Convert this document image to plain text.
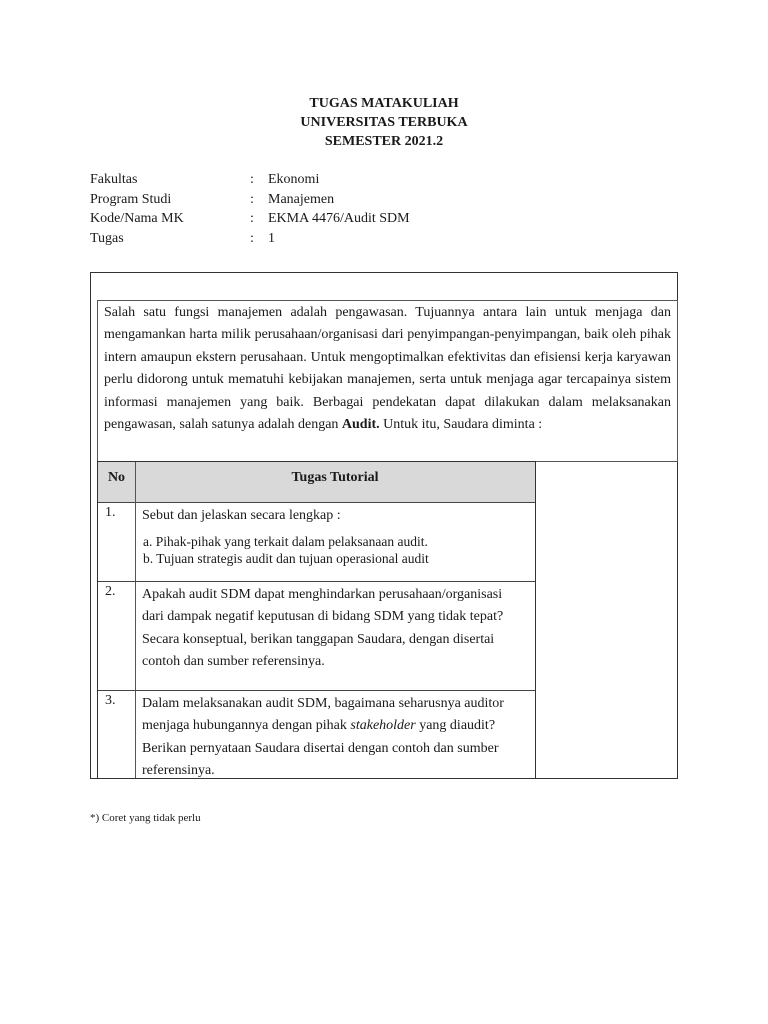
TUGAS MATAKULIAH
UNIVERSITAS TERBUKA
SEMESTER 2021.2
Fakultas	: Ekonomi
Program Studi	: Manajemen
Kode/Nama MK	: EKMA 4476/Audit SDM
Tugas	: 1

Salah satu fungsi manajemen adalah pengawasan. Tujuannya antara lain untuk menjaga dan mengamankan harta milik perusahaan/organisasi dari penyimpangan-penyimpangan, baik oleh pihak intern amaupun ekstern perusahaan. Untuk mengoptimalkan efektivitas dan efisiensi kerja karyawan perlu didorong untuk mematuhi kebijakan manajemen, serta untuk menjaga agar tercapainya sistem informasi manajemen yang baik. Berbagai pendekatan dapat dilakukan dalam melaksanakan pengawasan, salah satunya adalah dengan Audit. Untuk itu, Saudara diminta :

No	Tugas Tutorial
1. Sebut dan jelaskan secara lengkap :

a. Pihak-pihak yang terkait dalam pelaksanaan audit.
b. Tujuan strategis audit dan tujuan operasional audit
2. Apakah audit SDM dapat menghindarkan perusahaan/organisasi dari dampak negatif keputusan di bidang SDM yang tidak tepat?

Secara konseptual, berikan tanggapan Saudara, dengan disertai contoh dan sumber referensinya.

3. Dalam melaksanakan audit SDM, bagaimana seharusnya auditor menjaga hubungannya dengan pihak stakeholder yang diaudit? Berikan pernyataan Saudara disertai dengan contoh dan sumber referensinya.

*) Coret yang tidak perlu
